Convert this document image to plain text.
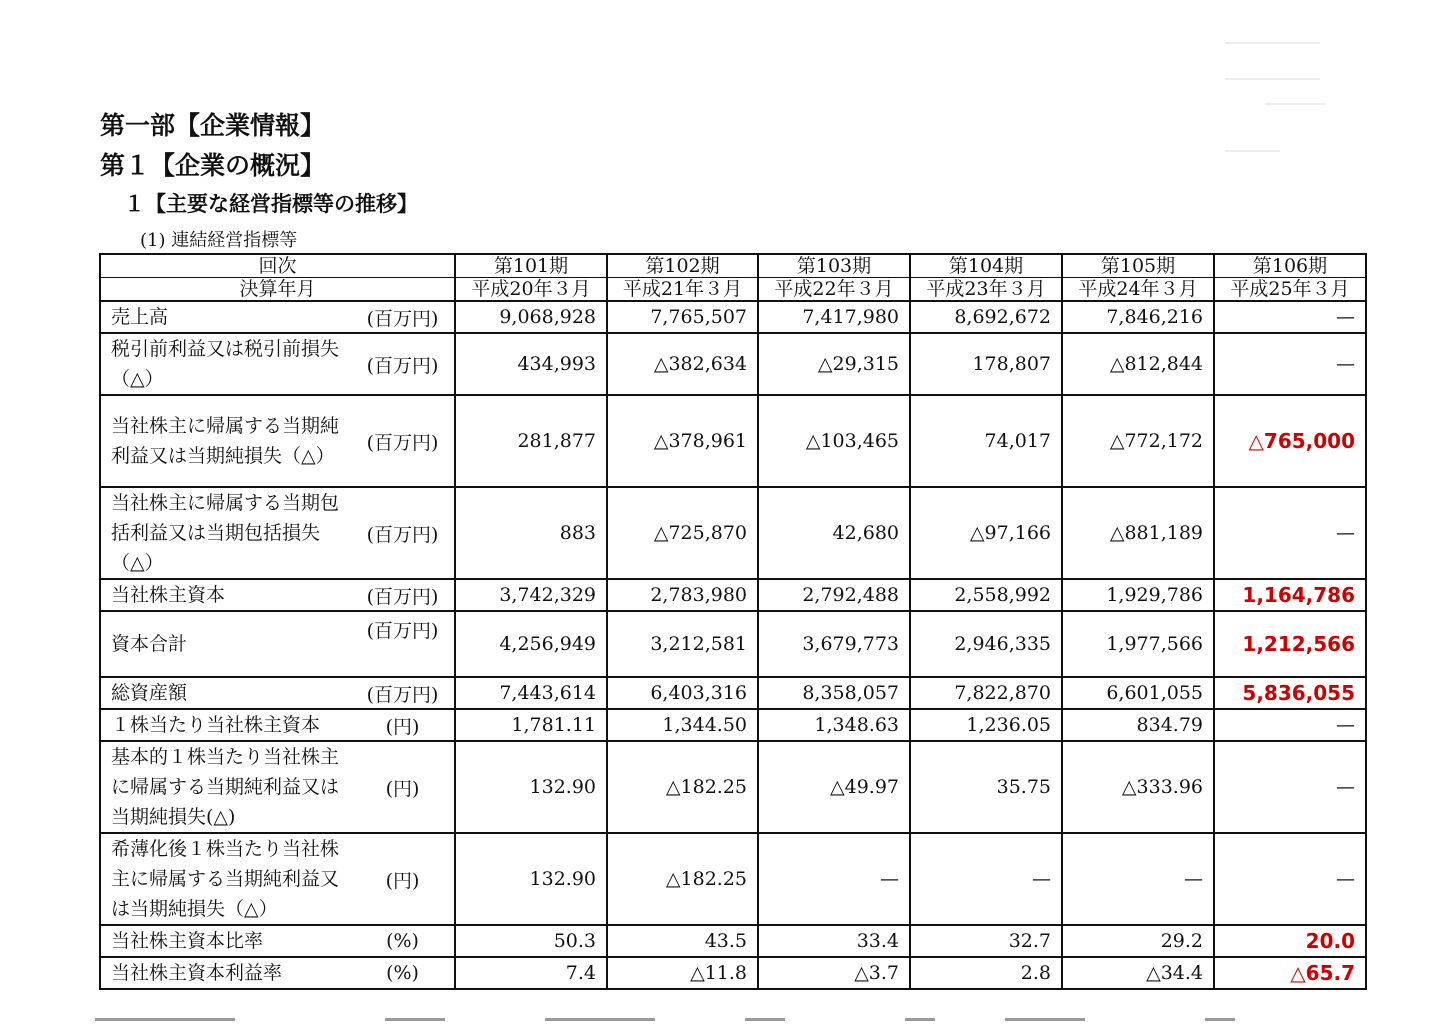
第一部【企業情報】
第１【企業の概況】
１【主要な経営指標等の推移】
(1) 連結経営指標等
回次		第101期	第102期	第103期	第104期	第105期	第106期
決算年月		平成20年３月	平成21年３月	平成22年３月	平成23年３月	平成24年３月	平成25年３月
売上高	(百万円)	9,068,928	7,765,507	7,417,980	8,692,672	7,846,216	—
税引前利益又は税引前損失（△）	(百万円)	434,993	△382,634	△29,315	178,807	△812,844	—
当社株主に帰属する当期純利益又は当期純損失（△）	(百万円)	281,877	△378,961	△103,465	74,017	△772,172	△765,000
当社株主に帰属する当期包括利益又は当期包括損失（△）	(百万円)	883	△725,870	42,680	△97,166	△881,189	—
当社株主資本	(百万円)	3,742,329	2,783,980	2,792,488	2,558,992	1,929,786	1,164,786
資本合計	(百万円)	4,256,949	3,212,581	3,679,773	2,946,335	1,977,566	1,212,566
総資産額	(百万円)	7,443,614	6,403,316	8,358,057	7,822,870	6,601,055	5,836,055
１株当たり当社株主資本	(円)	1,781.11	1,344.50	1,348.63	1,236.05	834.79	—
基本的１株当たり当社株主に帰属する当期純利益又は当期純損失(△)	(円)	132.90	△182.25	△49.97	35.75	△333.96	—
希薄化後１株当たり当社株主に帰属する当期純利益又は当期純損失（△）	(円)	132.90	△182.25	—	—	—	—
当社株主資本比率	(%)	50.3	43.5	33.4	32.7	29.2	20.0
当社株主資本利益率	(%)	7.4	△11.8	△3.7	2.8	△34.4	△65.7
